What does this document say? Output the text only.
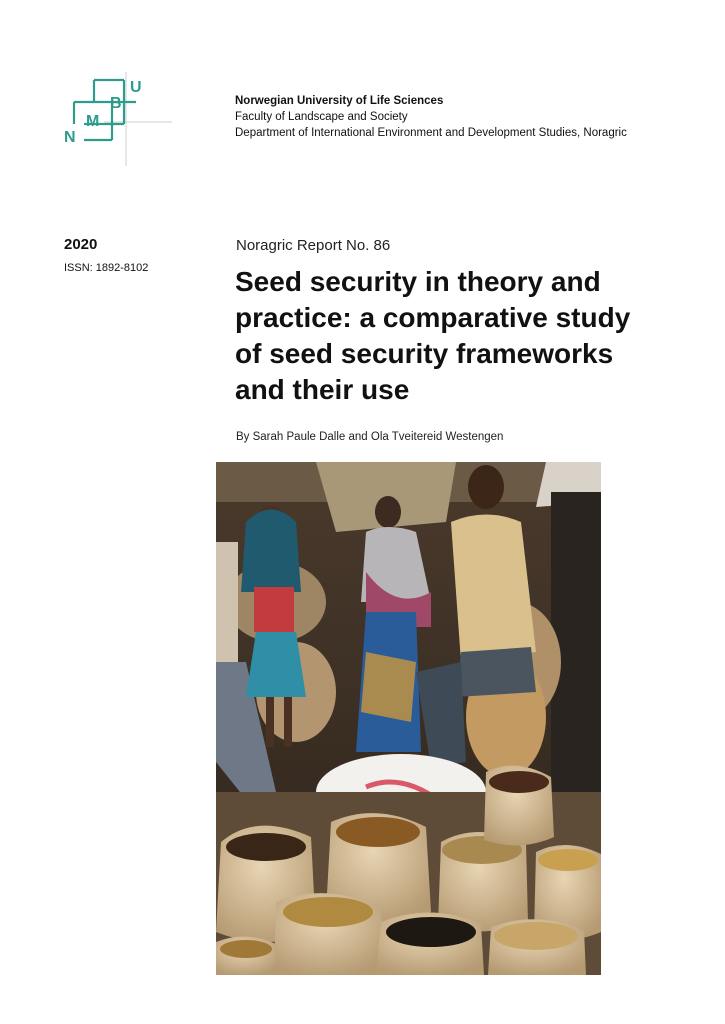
U
B
M
N
Norwegian University of Life Sciences
Faculty of Landscape and Society
Department of International Environment and Development Studies, Noragric
2020
ISSN: 1892-8102
Noragric Report No. 86
Seed security in theory and
practice: a comparative study
of seed security frameworks
and their use
By Sarah Paule Dalle and Ola Tveitereid Westengen
